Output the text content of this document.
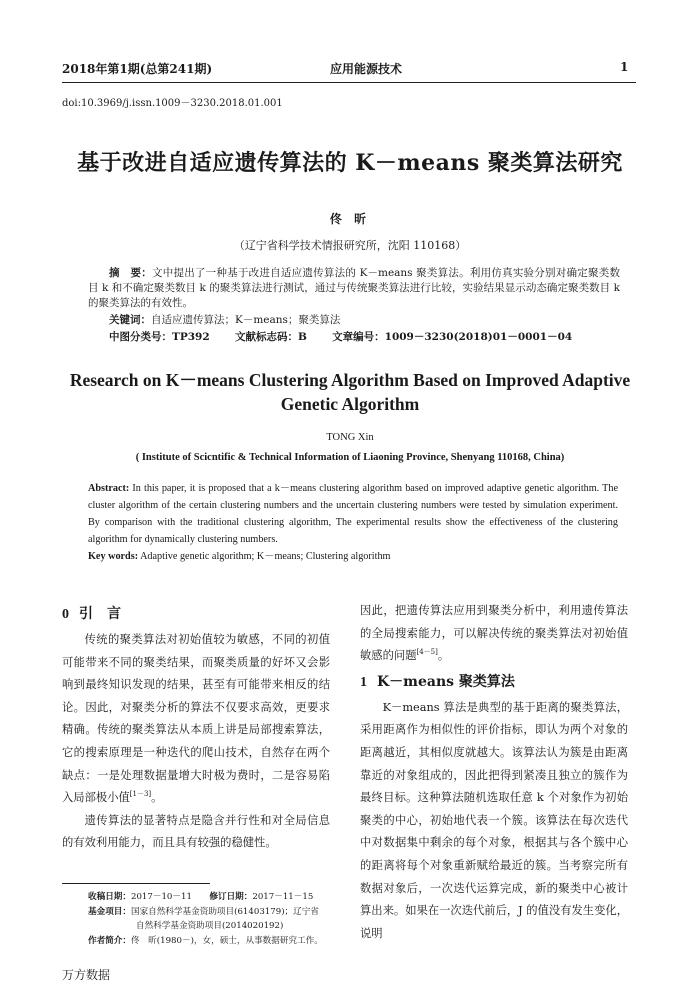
2018年第1期(总第241期)	应用能源技术	1
doi:10.3969/j.issn.1009－3230.2018.01.001
基于改进自适应遗传算法的 K－means 聚类算法研究
佟 昕
（辽宁省科学技术情报研究所，沈阳 110168）
摘　要：文中提出了一种基于改进自适应遗传算法的 K－means 聚类算法。利用仿真实验分别对确定聚类数目 k 和不确定聚类数目 k 的聚类算法进行测试，通过与传统聚类算法进行比较，实验结果显示动态确定聚类数目 k 的聚类算法的有效性。
关键词：自适应遗传算法；K－means；聚类算法
中图分类号：TP392 文献标志码：B 文章编号：1009－3230(2018)01－0001－04
Research on K－means Clustering Algorithm Based on Improved Adaptive Genetic Algorithm
TONG Xin
( Institute of Scicntific & Technical Information of Liaoning Province, Shenyang 110168, China)
Abstract: In this paper, it is proposed that a k－means clustering algorithm based on improved adaptive genetic algorithm. The cluster algorithm of the certain clustering numbers and the uncertain clustering numbers were tested by simulation experiment. By comparison with the traditional clustering algorithm, The experimental results show the effectiveness of the clustering algorithm for dynamically clustering numbers.
Key words: Adaptive genetic algorithm; K－means; Clustering algorithm
0 引　言

传统的聚类算法对初始值较为敏感，不同的初值可能带来不同的聚类结果，而聚类质量的好坏又会影响到最终知识发现的结果，甚至有可能带来相反的结论。因此，对聚类分析的算法不仅要求高效，更要求精确。传统的聚类算法从本质上讲是局部搜索算法，它的搜索原理是一种迭代的爬山技术，自然存在两个缺点：一是处理数据量增大时极为费时，二是容易陷入局部极小值[1－3]。

遗传算法的显著特点是隐含并行性和对全局信息的有效利用能力，而且具有较强的稳健性。

收稿日期：2017－10－11 修订日期：2017－11－15
基金项目：国家自然科学基金资助项目(61403179)；辽宁省
自然科学基金资助项目(2014020192)
作者简介：佟　昕(1980－)，女，硕士，从事数据研究工作。

因此，把遗传算法应用到聚类分析中，利用遗传算法的全局搜索能力，可以解决传统的聚类算法对初始值敏感的问题[4－5]。

1 K－means 聚类算法

K－means 算法是典型的基于距离的聚类算法，采用距离作为相似性的评价指标，即认为两个对象的距离越近，其相似度就越大。该算法认为簇是由距离靠近的对象组成的，因此把得到紧凑且独立的簇作为最终目标。这种算法随机选取任意 k 个对象作为初始聚类的中心，初始地代表一个簇。该算法在每次迭代中对数据集中剩余的每个对象，根据其与各个簇中心的距离将每个对象重新赋给最近的簇。当考察完所有数据对象后，一次迭代运算完成，新的聚类中心被计算出来。如果在一次迭代前后，J 的值没有发生变化，说明

万方数据
